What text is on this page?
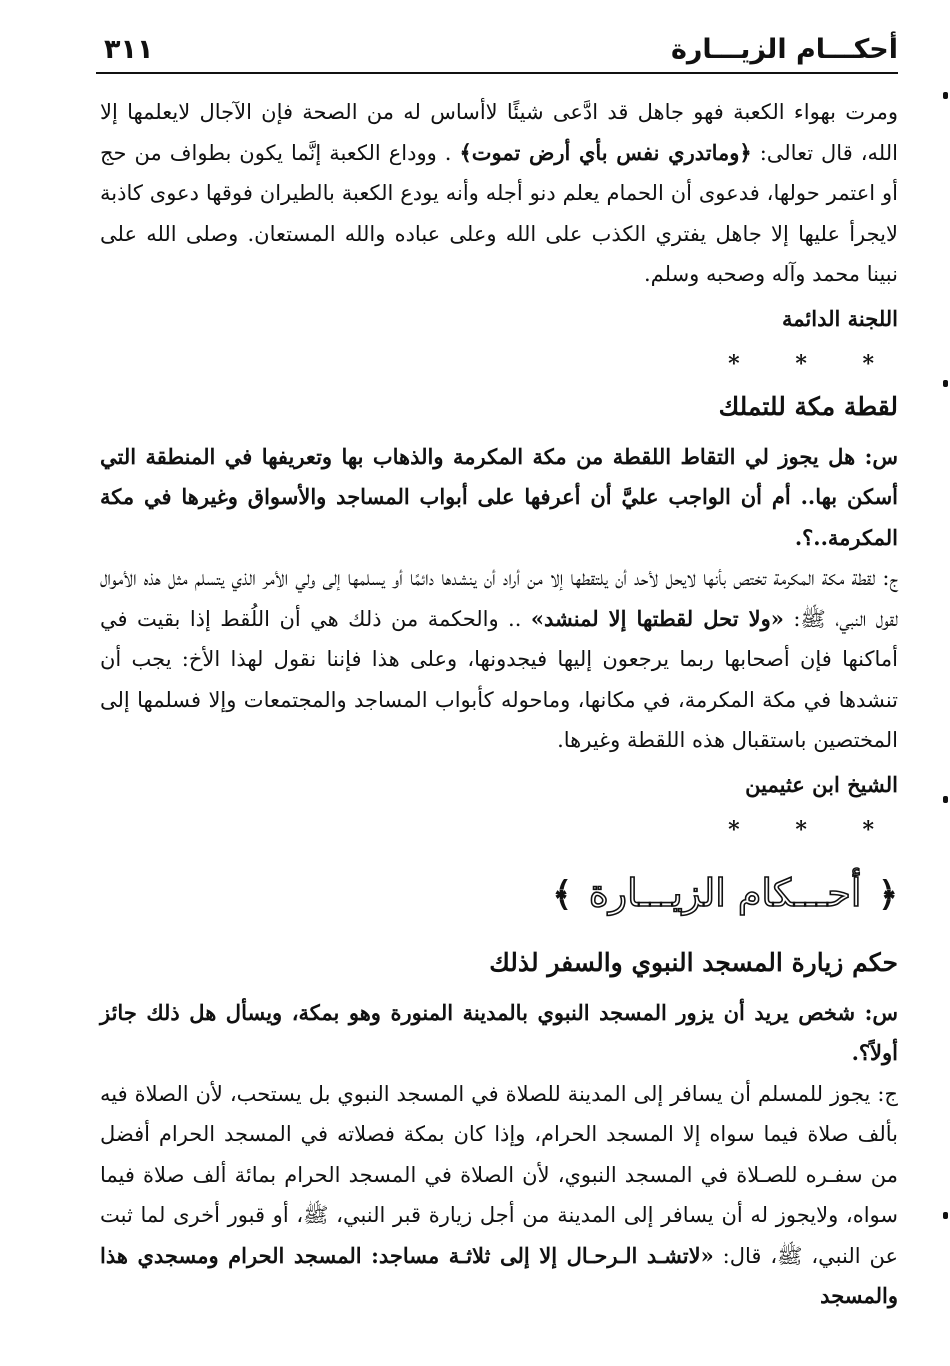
أحكـــام الزيـــارة
٣١١

ومرت بهواء الكعبة فهو جاهل قد ادَّعى شيئًا لاأساس له من الصحة فإن الآجال لايعلمها إلا الله، قال تعالى: ﴿وماتدري نفس بأي أرض تموت﴾ . ووداع الكعبة إنَّما يكون بطواف من حج أو اعتمر حولها، فدعوى أن الحمام يعلم دنو أجله وأنه يودع الكعبة بالطيران فوقها دعوى كاذبة لايجرأ عليها إلا جاهل يفتري الكذب على الله وعلى عباده والله المستعان. وصلى الله على نبينا محمد وآله وصحبه وسلم.

اللجنة الدائمة

* * *
لقطة مكة للتملك

س: هل يجوز لي التقاط اللقطة من مكة المكرمة والذهاب بها وتعريفها في المنطقة التي أسكن بها.. أم أن الواجب عليَّ أن أعرفها على أبواب المساجد والأسواق وغيرها في مكة المكرمة..؟.

ج: لقطة مكة المكرمة تختص بأنها لايحل لأحد أن يلتقطها إلا من أراد أن ينشدها دائمًا أو يسلمها إلى ولي الأمر الذي يتسلم مثل هذه الأموال لقول النبي، ﷺ: «ولا تحل لقطتها إلا لمنشد» .. والحكمة من ذلك هي أن اللُقط إذا بقيت في أماكنها فإن أصحابها ربما يرجعون إليها فيجدونها، وعلى هذا فإننا نقول لهذا الأخ: يجب أن تنشدها في مكة المكرمة، في مكانها، وماحوله كأبواب المساجد والمجتمعات وإلا فسلمها إلى المختصين باستقبال هذه اللقطة وغيرها.

الشيخ ابن عثيمين

* * *
﴿ أحـــكام الزيـــارة ﴾
حكم زيارة المسجد النبوي والسفر لذلك

س: شخص يريد أن يزور المسجد النبوي بالمدينة المنورة وهو بمكة، ويسأل هل ذلك جائز أولاً؟.

ج: يجوز للمسلم أن يسافر إلى المدينة للصلاة في المسجد النبوي بل يستحب، لأن الصلاة فيه بألف صلاة فيما سواه إلا المسجد الحرام، وإذا كان بمكة فصلاته في المسجد الحرام أفضل من سفـره للصـلاة في المسجد النبوي، لأن الصلاة في المسجد الحرام بمائة ألف صلاة فيما سواه، ولايجوز له أن يسافر إلى المدينة من أجل زيارة قبر النبي، ﷺ، أو قبور أخرى لما ثبت عن النبي، ﷺ، قال: «لاتشـد الـرحـال إلا إلى ثلاثـة مساجد: المسجد الحرام ومسجدي هذا والمسجد
